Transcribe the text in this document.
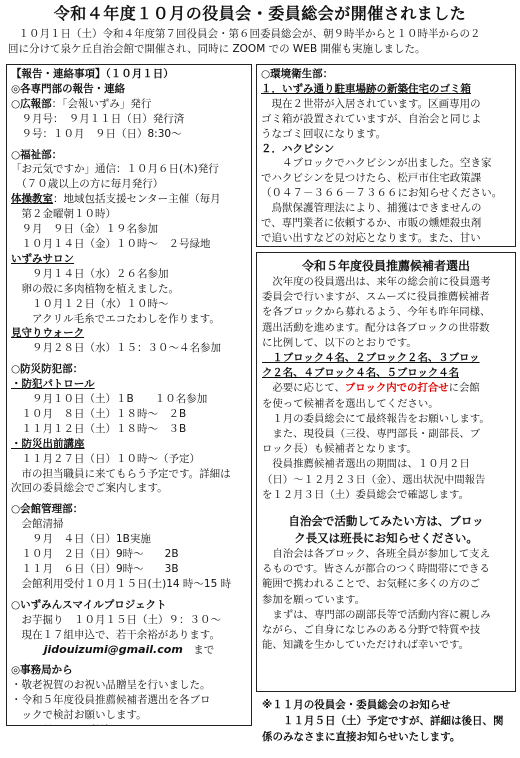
令和４年度１０月の役員会・委員総会が開催されました

　１０月１日（土）令和４年度第７回役員会・第６回委員総会が、朝９時半からと１０時半からの２

回に分けて泉ケ丘自治会館で開催され、同時に ZOOM での WEB 開催も実施しました。

【報告・連絡事項】（１０月１日）
◎各専門部の報告・連絡
○広報部：「会報いずみ」発行
　９月号：　９月１１日（日）発行済
　９号：１０月　９日（日）8:30～
○福祉部：
「お元気ですか」通信：１０月６日(木)発行
　（７０歳以上の方に毎月発行）
体操教室：地域包括支援センター主催（毎月
　第２金曜朝１０時）
　９月　９日（金）１９名参加
　１０月１４日（金）１０時～　２号緑地
いずみサロン
　　９月１４日（水）２６名参加
　卵の殻に多肉植物を植えました。
　　１０月１２日（水）１０時～
　　アクリル毛糸でエコたわしを作ります。
見守りウォーク
　　９月２８日（水）１５：３０～４名参加
○防災防犯部：
・防犯パトロール
　　９月１０日（土）１B　　１０名参加
　１０月　８日（土）１８時～　２B
　１１月１２日（土）１８時～　３B
・防災出前講座
　１１月２７日（日）１０時～（予定）
　市の担当職員に来てもらう予定です。詳細は
次回の委員総会でご案内します。
○会館管理部：
　会館清掃
　　９月　４日（日）1B実施
　１０月　２日（日）9時～　　2B
　１１月　６日（日）9時～　　3B
　会館利用受付１０月１５日(土)14 時～15 時
○いずみんスマイルプロジェクト
　お芋掘り　１０月１５日（土）９：３０～
　現在１７組申込で、若干余裕があります。
jidouizumi@gmail.com　まで
◎事務局から
・敬老祝賀のお祝い品贈呈を行いました。
・令和５年度役員推薦候補者選出を各ブロ
　ックで検討お願いします。
○環境衛生部：
１．いずみ通り駐車場跡の新築住宅のゴミ箱
　現在２世帯が入居されています。区画専用の
ゴミ箱が設置されていますが、自治会と同じよ
うなゴミ回収になります。
２．ハクビシン
　　４ブロックでハクビシンが出ました。空き家
でハクビシンを見つけたら、松戸市住宅政策課
（０４７－３６６－７３６６にお知らせください。
　鳥獣保護管理法により、捕獲はできませんの
で、専門業者に依頼するか、市販の燻煙殺虫剤
で追い出すなどの対応となります。また、甘い
令和５年度役員推薦候補者選出

　次年度の役員選出は、来年の総会前に役員選考

委員会で行いますが、スムーズに役員推薦候補者

を各ブロックから募れるよう、今年も昨年同様、

選出活動を進めます。配分は各ブロックの世帯数

に比例して、以下のとおりです。

　１ブロック４名、２ブロック２名、３ブロッ

ク２名、４ブロック４名、５ブロック４名

　必要に応じて、ブロック内での打合せに会館

を使って候補者を選出してください。

　１月の委員総会にて最終報告をお願いします。

　また、現役員（三役、専門部長・副部長、ブ

ロック長）も候補者となります。

　役員推薦候補者選出の期間は、１０月２日

（日）～１２月２３日（金）、選出状況中間報告

を１２月３日（土）委員総会で確認します。

自治会で活動してみたい方は、ブロッ
ク長又は班長にお知らせください。

　自治会は各ブロック、各班全員が参加して支え

るものです。皆さんが都合のつく時間帯にできる

範囲で携われることで、お気軽に多くの方のご

参加を願っています。

　まずは、専門部の副部長等で活動内容に親しみ

ながら、ご自身になじみのある分野で特質や技

能、知識を生かしていただければ幸いです。

※１１月の役員会・委員総会のお知らせ
　　１１月５日（土）予定ですが、詳細は後日、関
係のみなさまに直接お知らせいたします。
